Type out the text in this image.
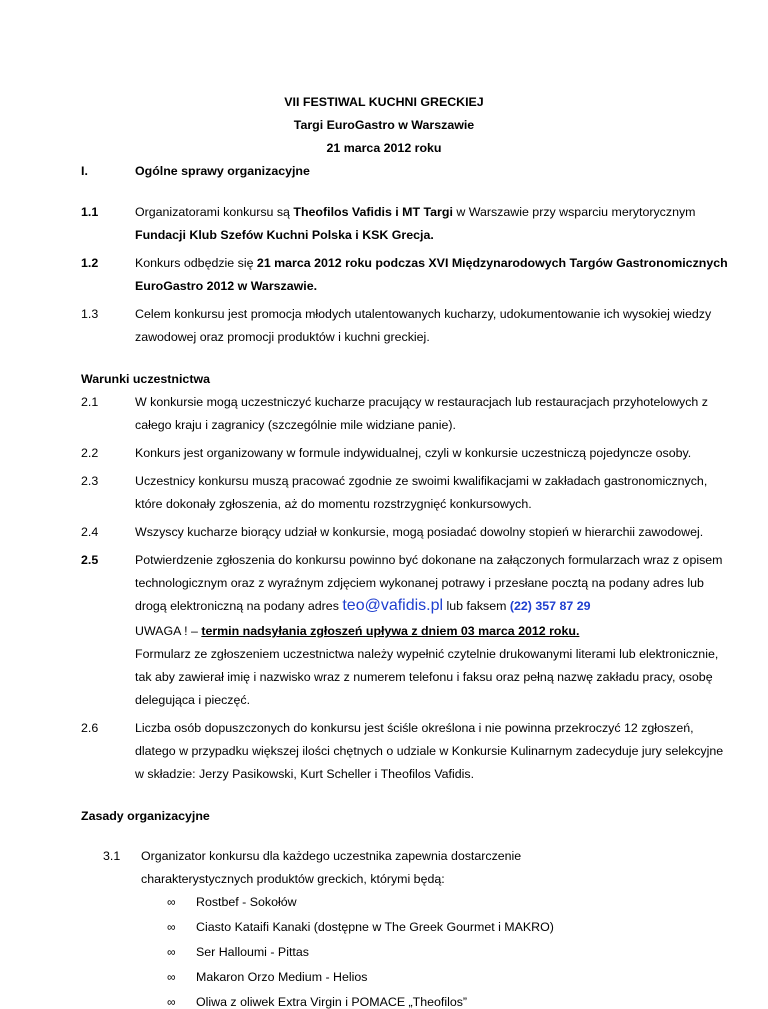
VII FESTIWAL KUCHNI GRECKIEJ
Targi EuroGastro w Warszawie
21 marca 2012 roku
I.	Ogólne sprawy organizacyjne
1.1	Organizatorami konkursu są Theofilos Vafidis i MT Targi w Warszawie przy wsparciu merytorycznym
Fundacji Klub Szefów Kuchni Polska i KSK Grecja.
1.2	Konkurs odbędzie się 21 marca 2012 roku podczas XVI Międzynarodowych Targów Gastronomicznych
EuroGastro 2012 w Warszawie.
1.3	Celem konkursu jest promocja młodych utalentowanych kucharzy, udokumentowanie ich wysokiej wiedzy
zawodowej oraz promocji produktów i kuchni greckiej.
Warunki uczestnictwa
2.1	W konkursie mogą uczestniczyć kucharze pracujący w restauracjach lub restauracjach przyhotelowych z
całego kraju i zagranicy (szczególnie mile widziane panie).
2.2	Konkurs jest organizowany w formule indywidualnej, czyli w konkursie uczestniczą pojedyncze osoby.
2.3	Uczestnicy konkursu muszą pracować zgodnie ze swoimi kwalifikacjami w zakładach gastronomicznych,
które dokonały zgłoszenia, aż do momentu rozstrzygnięć konkursowych.
2.4	Wszyscy kucharze biorący udział w konkursie, mogą posiadać dowolny stopień w hierarchii zawodowej.
2.5	Potwierdzenie zgłoszenia do konkursu powinno być dokonane na załączonych formularzach wraz z opisem
technologicznym oraz z wyraźnym zdjęciem wykonanej potrawy i przesłane pocztą na podany adres lub
drogą elektroniczną na podany adres teo@vafidis.pl lub faksem (22) 357 87 29
UWAGA ! – termin nadsyłania zgłoszeń upływa z dniem 03 marca 2012 roku.
Formularz ze zgłoszeniem uczestnictwa należy wypełnić czytelnie drukowanymi literami lub elektronicznie,
tak aby zawierał imię i nazwisko wraz z numerem telefonu i faksu oraz pełną nazwę zakładu pracy, osobę
delegująca i pieczęć.
2.6	Liczba osób dopuszczonych do konkursu jest ściśle określona i nie powinna przekroczyć 12 zgłoszeń,
dlatego w przypadku większej ilości chętnych o udziale w Konkursie Kulinarnym zadecyduje jury selekcyjne
w składzie: Jerzy Pasikowski, Kurt Scheller i Theofilos Vafidis.
Zasady organizacyjne
3.1 Organizator konkursu dla każdego uczestnika zapewnia dostarczenie
charakterystycznych produktów greckich, którymi będą:
∞ Rostbef - Sokołów
∞ Ciasto Kataifi Kanaki (dostępne w The Greek Gourmet i MAKRO)
∞ Ser Halloumi - Pittas
∞ Makaron Orzo Medium - Helios
∞ Oliwa z oliwek Extra Virgin i POMACE „Theofilos”
